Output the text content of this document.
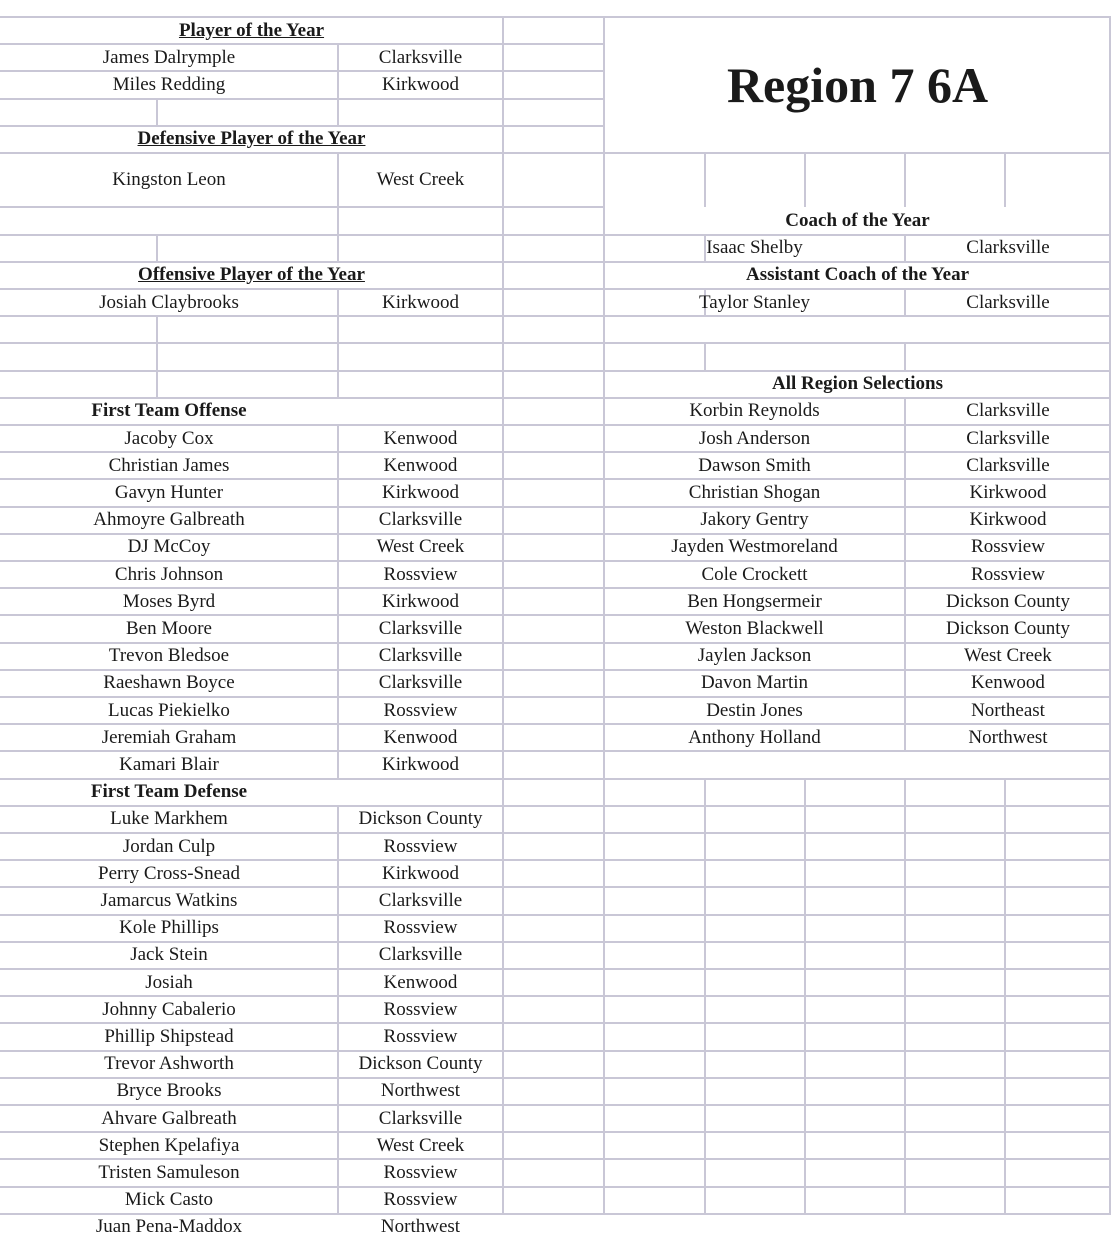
Region 7 6A
Player of the Year
James Dalrymple	Clarksville
Miles Redding	Kirkwood
Defensive Player of the Year
Kingston Leon	West Creek
Offensive Player of the Year
Josiah Claybrooks	Kirkwood
First Team Offense
Jacoby Cox	Kenwood
Christian James	Kenwood
Gavyn Hunter	Kirkwood
Ahmoyre Galbreath	Clarksville
DJ McCoy	West Creek
Chris Johnson	Rossview
Moses Byrd	Kirkwood
Ben Moore	Clarksville
Trevon Bledsoe	Clarksville
Raeshawn Boyce	Clarksville
Lucas Piekielko	Rossview
Jeremiah Graham	Kenwood
Kamari Blair	Kirkwood
First Team Defense
Luke Markhem	Dickson County
Jordan Culp	Rossview
Perry Cross-Snead	Kirkwood
Jamarcus Watkins	Clarksville
Kole Phillips	Rossview
Jack Stein	Clarksville
Josiah	Kenwood
Johnny Cabalerio	Rossview
Phillip Shipstead	Rossview
Trevor Ashworth	Dickson County
Bryce Brooks	Northwest
Ahvare Galbreath	Clarksville
Stephen Kpelafiya	West Creek
Tristen Samuleson	Rossview
Mick Casto	Rossview
Juan Pena-Maddox	Northwest
Coach of the Year
Isaac Shelby	Clarksville
Assistant Coach of the Year
Taylor Stanley	Clarksville
All Region Selections
Korbin Reynolds	Clarksville
Josh Anderson	Clarksville
Dawson Smith	Clarksville
Christian Shogan	Kirkwood
Jakory Gentry	Kirkwood
Jayden Westmoreland	Rossview
Cole Crockett	Rossview
Ben Hongsermeir	Dickson County
Weston Blackwell	Dickson County
Jaylen Jackson	West Creek
Davon Martin	Kenwood
Destin Jones	Northeast
Anthony Holland	Northwest
